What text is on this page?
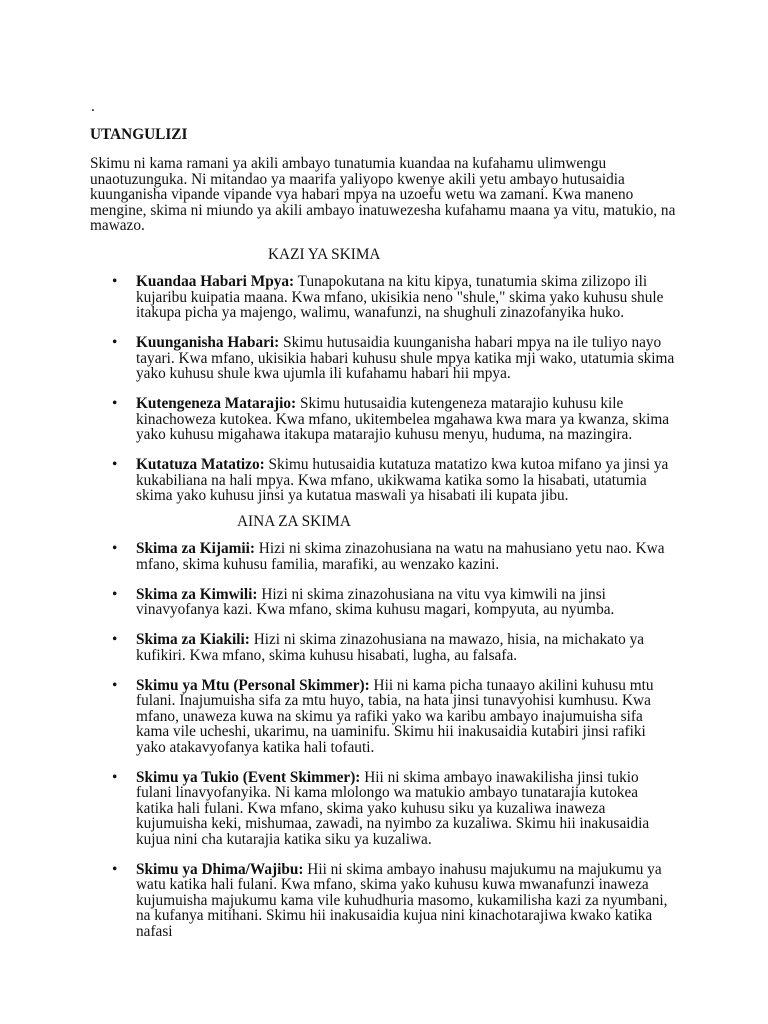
.
UTANGULIZI

Skimu ni kama ramani ya akili ambayo tunatumia kuandaa na kufahamu ulimwengu unaotuzunguka. Ni mitandao ya maarifa yaliyopo kwenye akili yetu ambayo hutusaidia kuunganisha vipande vipande vya habari mpya na uzoefu wetu wa zamani. Kwa maneno mengine, skima ni miundo ya akili ambayo inatuwezesha kufahamu maana ya vitu, matukio, na mawazo.

KAZI YA SKIMA
• Kuandaa Habari Mpya: Tunapokutana na kitu kipya, tunatumia skima zilizopo ili kujaribu kuipatia maana. Kwa mfano, ukisikia neno "shule," skima yako kuhusu shule itakupa picha ya majengo, walimu, wanafunzi, na shughuli zinazofanyika huko.
• Kuunganisha Habari: Skimu hutusaidia kuunganisha habari mpya na ile tuliyo nayo tayari. Kwa mfano, ukisikia habari kuhusu shule mpya katika mji wako, utatumia skima yako kuhusu shule kwa ujumla ili kufahamu habari hii mpya.
• Kutengeneza Matarajio: Skimu hutusaidia kutengeneza matarajio kuhusu kile kinachoweza kutokea. Kwa mfano, ukitembelea mgahawa kwa mara ya kwanza, skima yako kuhusu migahawa itakupa matarajio kuhusu menyu, huduma, na mazingira.
• Kutatuza Matatizo: Skimu hutusaidia kutatuza matatizo kwa kutoa mifano ya jinsi ya kukabiliana na hali mpya. Kwa mfano, ukikwama katika somo la hisabati, utatumia skima yako kuhusu jinsi ya kutatua maswali ya hisabati ili kupata jibu.
AINA ZA SKIMA
• Skima za Kijamii: Hizi ni skima zinazohusiana na watu na mahusiano yetu nao. Kwa mfano, skima kuhusu familia, marafiki, au wenzako kazini.
• Skima za Kimwili: Hizi ni skima zinazohusiana na vitu vya kimwili na jinsi vinavyofanya kazi. Kwa mfano, skima kuhusu magari, kompyuta, au nyumba.
• Skima za Kiakili: Hizi ni skima zinazohusiana na mawazo, hisia, na michakato ya kufikiri. Kwa mfano, skima kuhusu hisabati, lugha, au falsafa.
• Skimu ya Mtu (Personal Skimmer): Hii ni kama picha tunaayo akilini kuhusu mtu fulani. Inajumuisha sifa za mtu huyo, tabia, na hata jinsi tunavyohisi kumhusu. Kwa mfano, unaweza kuwa na skimu ya rafiki yako wa karibu ambayo inajumuisha sifa kama vile ucheshi, ukarimu, na uaminifu. Skimu hii inakusaidia kutabiri jinsi rafiki yako atakavyofanya katika hali tofauti.
• Skimu ya Tukio (Event Skimmer): Hii ni skima ambayo inawakilisha jinsi tukio fulani linavyofanyika. Ni kama mlolongo wa matukio ambayo tunatarajia kutokea katika hali fulani. Kwa mfano, skima yako kuhusu siku ya kuzaliwa inaweza kujumuisha keki, mishumaa, zawadi, na nyimbo za kuzaliwa. Skimu hii inakusaidia kujua nini cha kutarajia katika siku ya kuzaliwa.
• Skimu ya Dhima/Wajibu: Hii ni skima ambayo inahusu majukumu na majukumu ya watu katika hali fulani. Kwa mfano, skima yako kuhusu kuwa mwanafunzi inaweza kujumuisha majukumu kama vile kuhudhuria masomo, kukamilisha kazi za nyumbani, na kufanya mitihani. Skimu hii inakusaidia kujua nini kinachotarajiwa kwako katika nafasi
